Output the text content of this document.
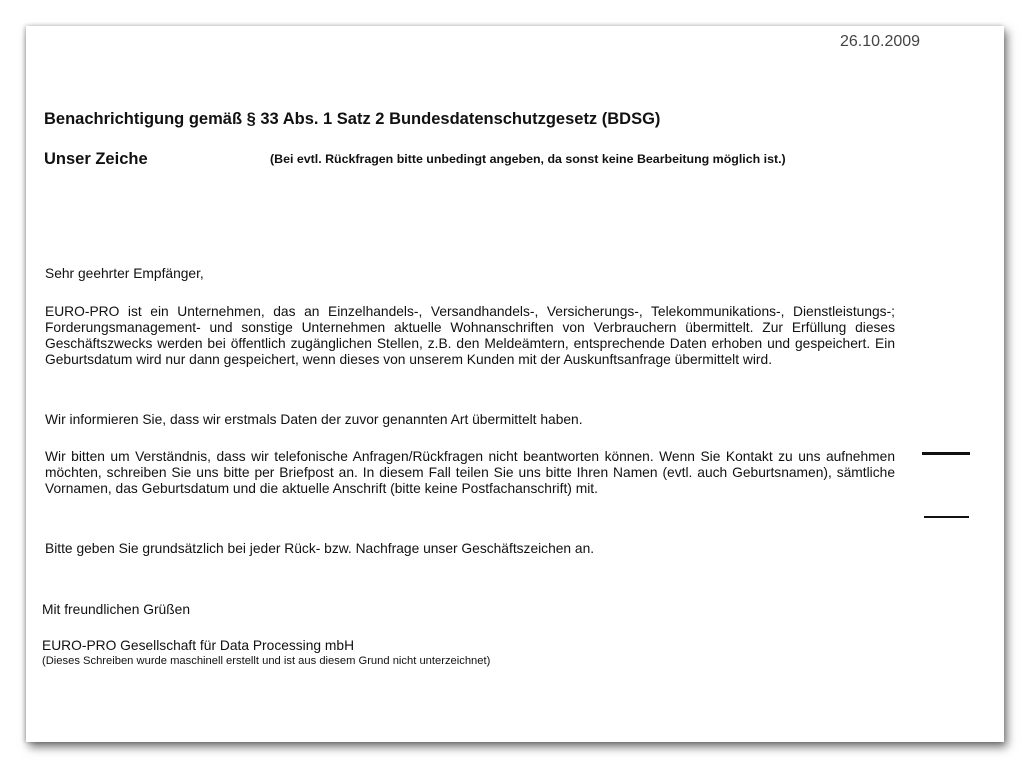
26.10.2009
Benachrichtigung gemäß § 33 Abs. 1 Satz 2 Bundesdatenschutzgesetz (BDSG)
Unser Zeiche	(Bei evtl. Rückfragen bitte unbedingt angeben, da sonst keine Bearbeitung möglich ist.)
Sehr geehrter Empfänger,
EURO-PRO ist ein Unternehmen, das an Einzelhandels-, Versandhandels-, Versicherungs-, Telekommunikations-, Dienstleistungs-; Forderungsmanagement- und sonstige Unternehmen aktuelle Wohnanschriften von Verbrauchern übermittelt. Zur Erfüllung dieses Geschäftszwecks werden bei öffentlich zugänglichen Stellen, z.B. den Meldeämtern, entsprechende Daten erhoben und gespeichert. Ein Geburtsdatum wird nur dann gespeichert, wenn dieses von unserem Kunden mit der Auskunftsanfrage übermittelt wird.
Wir informieren Sie, dass wir erstmals Daten der zuvor genannten Art übermittelt haben.
Wir bitten um Verständnis, dass wir telefonische Anfragen/Rückfragen nicht beantworten können. Wenn Sie Kontakt zu uns aufnehmen möchten, schreiben Sie uns bitte per Briefpost an. In diesem Fall teilen Sie uns bitte Ihren Namen (evtl. auch Geburtsnamen), sämtliche Vornamen, das Geburtsdatum und die aktuelle Anschrift (bitte keine Postfachanschrift) mit.
Bitte geben Sie grundsätzlich bei jeder Rück- bzw. Nachfrage unser Geschäftszeichen an.
Mit freundlichen Grüßen
EURO-PRO Gesellschaft für Data Processing mbH
(Dieses Schreiben wurde maschinell erstellt und ist aus diesem Grund nicht unterzeichnet)
